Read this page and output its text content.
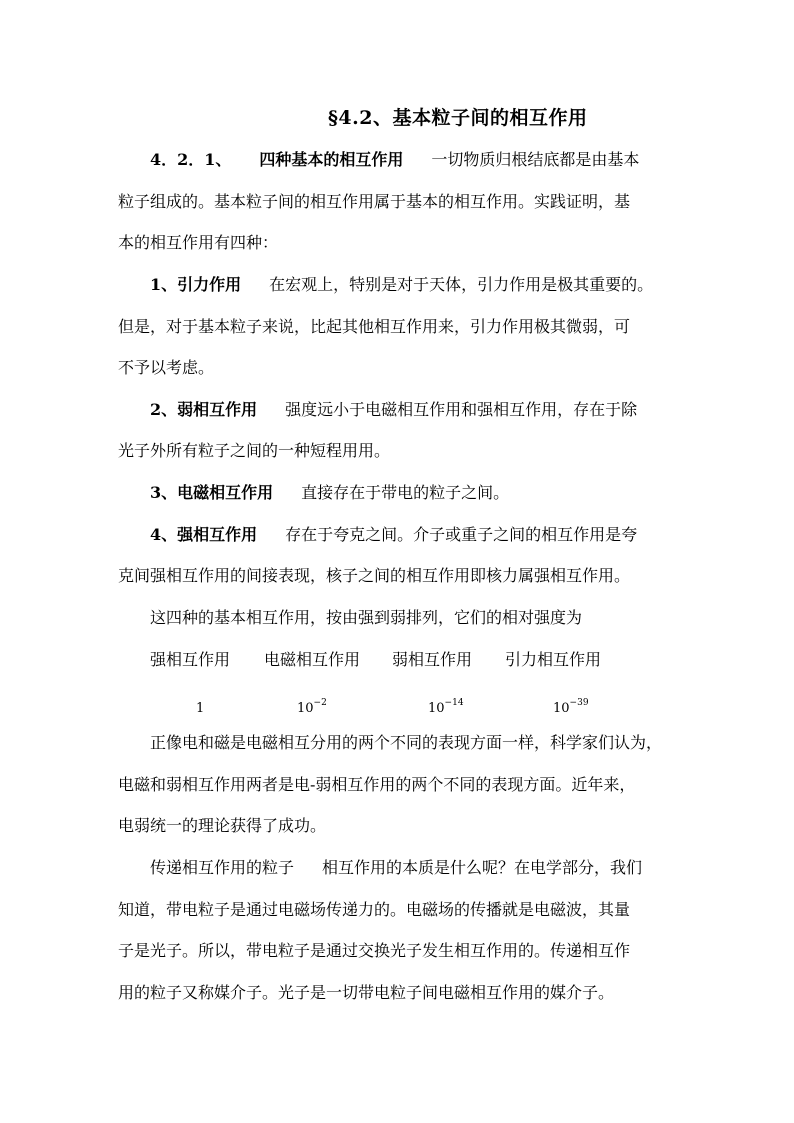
§4.2、基本粒子间的相互作用
4．2．1、 四种基本的相互作用 一切物质归根结底都是由基本
粒子组成的。基本粒子间的相互作用属于基本的相互作用。实践证明，基
本的相互作用有四种：
1、引力作用 在宏观上，特别是对于天体，引力作用是极其重要的。
但是，对于基本粒子来说，比起其他相互作用来，引力作用极其微弱，可
不予以考虑。
2、弱相互作用 强度远小于电磁相互作用和强相互作用，存在于除
光子外所有粒子之间的一种短程用用。
3、电磁相互作用 直接存在于带电的粒子之间。
4、强相互作用 存在于夸克之间。介子或重子之间的相互作用是夸
克间强相互作用的间接表现，核子之间的相互作用即核力属强相互作用。
这四种的基本相互作用，按由强到弱排列，它们的相对强度为
强相互作用 电磁相互作用 弱相互作用 引力相互作用
1	$10^{-2}$	$10^{-14}$	$10^{-39}$
正像电和磁是电磁相互分用的两个不同的表现方面一样，科学家们认为，
电磁和弱相互作用两者是电-弱相互作用的两个不同的表现方面。近年来，
电弱统一的理论获得了成功。
传递相互作用的粒子 相互作用的本质是什么呢？在电学部分，我们
知道，带电粒子是通过电磁场传递力的。电磁场的传播就是电磁波，其量
子是光子。所以，带电粒子是通过交换光子发生相互作用的。传递相互作
用的粒子又称媒介子。光子是一切带电粒子间电磁相互作用的媒介子。
